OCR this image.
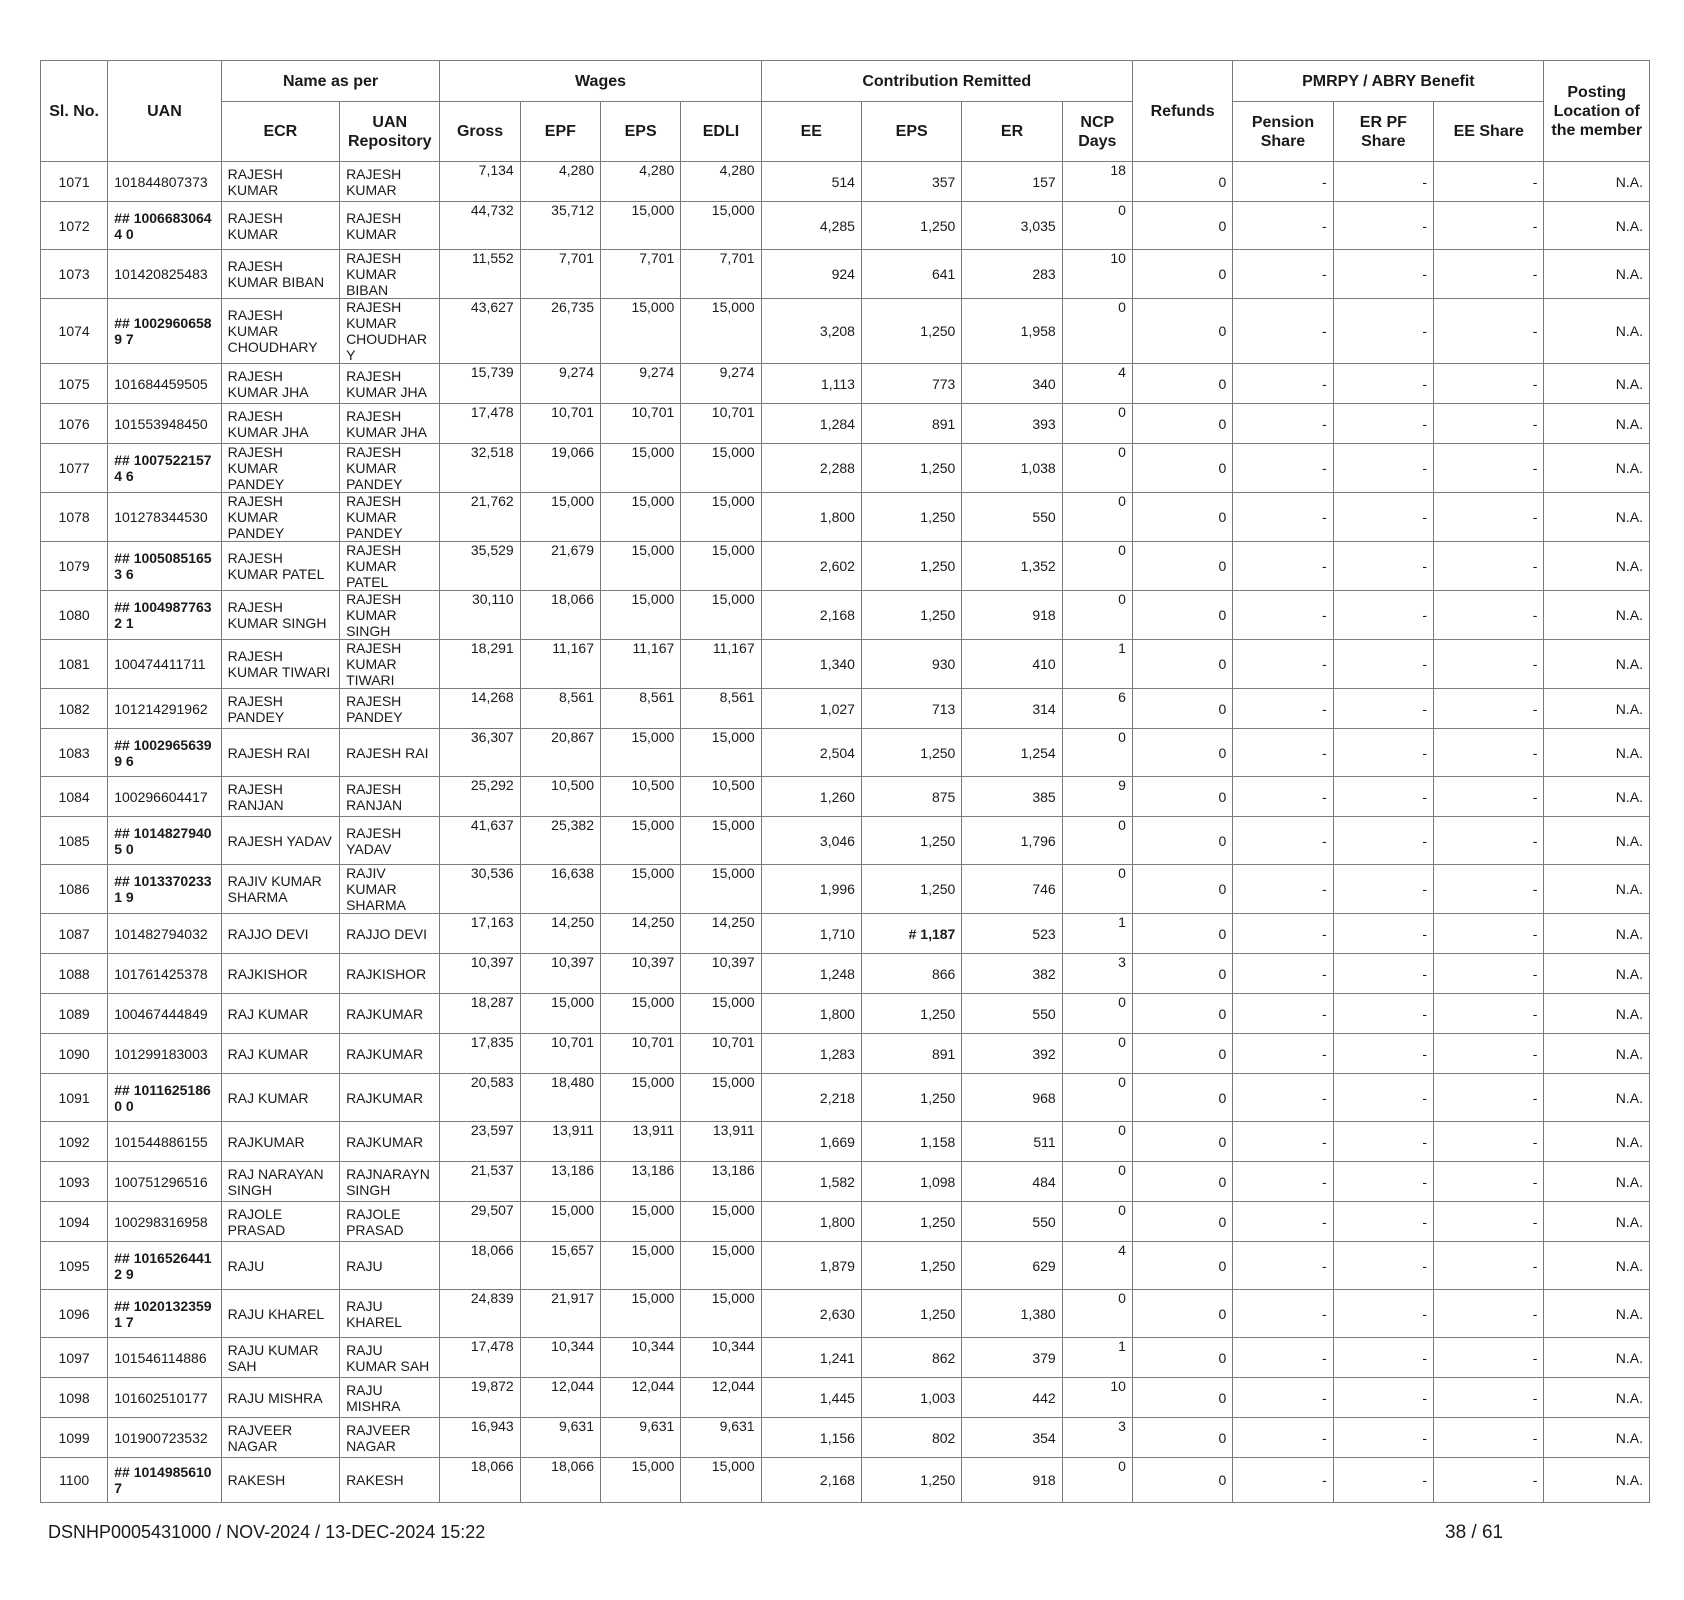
Sl. No.	UAN	Name as per		Wages				Contribution Remitted				Refunds	PMRPY / ABRY Benefit			Posting Location of the member
		ECR	UAN Repository	Gross	EPF	EPS	EDLI	EE	EPS	ER	NCP Days		Pension Share	ER PF Share	EE Share	
1071	101844807373	RAJESH KUMAR	RAJESH KUMAR	7,134	4,280	4,280	4,280	514	357	157	18	0	-	-	-	N.A.
1072	## 10066830644 0	RAJESH KUMAR	RAJESH KUMAR	44,732	35,712	15,000	15,000	4,285	1,250	3,035	0	0	-	-	-	N.A.
1073	101420825483	RAJESH KUMAR BIBAN	RAJESH KUMAR BIBAN	11,552	7,701	7,701	7,701	924	641	283	10	0	-	-	-	N.A.
1074	## 10029606589 7	RAJESH KUMAR CHOUDHARY	RAJESH KUMAR CHOUDHARY	43,627	26,735	15,000	15,000	3,208	1,250	1,958	0	0	-	-	-	N.A.
1075	101684459505	RAJESH KUMAR JHA	RAJESH KUMAR JHA	15,739	9,274	9,274	9,274	1,113	773	340	4	0	-	-	-	N.A.
1076	101553948450	RAJESH KUMAR JHA	RAJESH KUMAR JHA	17,478	10,701	10,701	10,701	1,284	891	393	0	0	-	-	-	N.A.
1077	## 10075221574 6	RAJESH KUMAR PANDEY	RAJESH KUMAR PANDEY	32,518	19,066	15,000	15,000	2,288	1,250	1,038	0	0	-	-	-	N.A.
1078	101278344530	RAJESH KUMAR PANDEY	RAJESH KUMAR PANDEY	21,762	15,000	15,000	15,000	1,800	1,250	550	0	0	-	-	-	N.A.
1079	## 10050851653 6	RAJESH KUMAR PATEL	RAJESH KUMAR PATEL	35,529	21,679	15,000	15,000	2,602	1,250	1,352	0	0	-	-	-	N.A.
1080	## 10049877632 1	RAJESH KUMAR SINGH	RAJESH KUMAR SINGH	30,110	18,066	15,000	15,000	2,168	1,250	918	0	0	-	-	-	N.A.
1081	100474411711	RAJESH KUMAR TIWARI	RAJESH KUMAR TIWARI	18,291	11,167	11,167	11,167	1,340	930	410	1	0	-	-	-	N.A.
1082	101214291962	RAJESH PANDEY	RAJESH PANDEY	14,268	8,561	8,561	8,561	1,027	713	314	6	0	-	-	-	N.A.
1083	## 10029656399 6	RAJESH RAI	RAJESH RAI	36,307	20,867	15,000	15,000	2,504	1,250	1,254	0	0	-	-	-	N.A.
1084	100296604417	RAJESH RANJAN	RAJESH RANJAN	25,292	10,500	10,500	10,500	1,260	875	385	9	0	-	-	-	N.A.
1085	## 10148279405 0	RAJESH YADAV	RAJESH YADAV	41,637	25,382	15,000	15,000	3,046	1,250	1,796	0	0	-	-	-	N.A.
1086	## 10133702331 9	RAJIV KUMAR SHARMA	RAJIV KUMAR SHARMA	30,536	16,638	15,000	15,000	1,996	1,250	746	0	0	-	-	-	N.A.
1087	101482794032	RAJJO DEVI	RAJJO DEVI	17,163	14,250	14,250	14,250	1,710	# 1,187	523	1	0	-	-	-	N.A.
1088	101761425378	RAJKISHOR	RAJKISHOR	10,397	10,397	10,397	10,397	1,248	866	382	3	0	-	-	-	N.A.
1089	100467444849	RAJ KUMAR	RAJKUMAR	18,287	15,000	15,000	15,000	1,800	1,250	550	0	0	-	-	-	N.A.
1090	101299183003	RAJ KUMAR	RAJKUMAR	17,835	10,701	10,701	10,701	1,283	891	392	0	0	-	-	-	N.A.
1091	## 10116251860 0	RAJ KUMAR	RAJKUMAR	20,583	18,480	15,000	15,000	2,218	1,250	968	0	0	-	-	-	N.A.
1092	101544886155	RAJKUMAR	RAJKUMAR	23,597	13,911	13,911	13,911	1,669	1,158	511	0	0	-	-	-	N.A.
1093	100751296516	RAJ NARAYAN SINGH	RAJNARAYN SINGH	21,537	13,186	13,186	13,186	1,582	1,098	484	0	0	-	-	-	N.A.
1094	100298316958	RAJOLE PRASAD	RAJOLE PRASAD	29,507	15,000	15,000	15,000	1,800	1,250	550	0	0	-	-	-	N.A.
1095	## 10165264412 9	RAJU	RAJU	18,066	15,657	15,000	15,000	1,879	1,250	629	4	0	-	-	-	N.A.
1096	## 10201323591 7	RAJU KHAREL	RAJU KHAREL	24,839	21,917	15,000	15,000	2,630	1,250	1,380	0	0	-	-	-	N.A.
1097	101546114886	RAJU KUMAR SAH	RAJU KUMAR SAH	17,478	10,344	10,344	10,344	1,241	862	379	1	0	-	-	-	N.A.
1098	101602510177	RAJU MISHRA	RAJU MISHRA	19,872	12,044	12,044	12,044	1,445	1,003	442	10	0	-	-	-	N.A.
1099	101900723532	RAJVEER NAGAR	RAJVEER NAGAR	16,943	9,631	9,631	9,631	1,156	802	354	3	0	-	-	-	N.A.
1100	## 10149856107	RAKESH	RAKESH	18,066	18,066	15,000	15,000	2,168	1,250	918	0	0	-	-	-	N.A.
DSNHP0005431000 / NOV-2024 / 13-DEC-2024 15:22	38 / 61
